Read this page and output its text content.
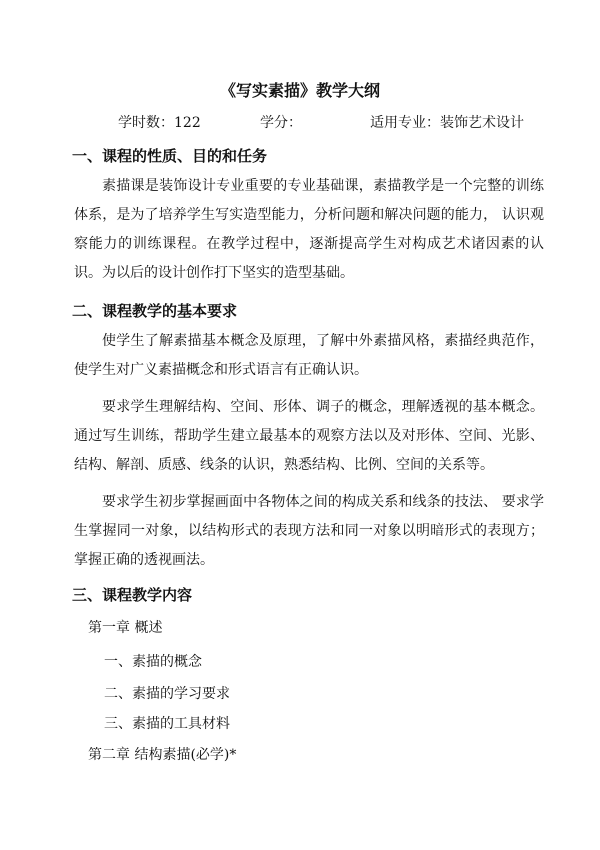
《写实素描》教学大纲
学时数：122	学分：	适用专业：装饰艺术设计
一、课程的性质、目的和任务
素描课是装饰设计专业重要的专业基础课，素描教学是一个完整的训练体系，是为了培养学生写实造型能力，分析问题和解决问题的能力， 认识观察能力的训练课程。在教学过程中，逐渐提高学生对构成艺术诸因素的认识。为以后的设计创作打下坚实的造型基础。
二、课程教学的基本要求
使学生了解素描基本概念及原理，了解中外素描风格，素描经典范作，使学生对广义素描概念和形式语言有正确认识。
要求学生理解结构、空间、形体、调子的概念，理解透视的基本概念。通过写生训练，帮助学生建立最基本的观察方法以及对形体、空间、光影、结构、解剖、质感、线条的认识，熟悉结构、比例、空间的关系等。
要求学生初步掌握画面中各物体之间的构成关系和线条的技法、 要求学生掌握同一对象，以结构形式的表现方法和同一对象以明暗形式的表现方；掌握正确的透视画法。
三、课程教学内容
第一章 概述
一、素描的概念
二、素描的学习要求
三、素描的工具材料
第二章 结构素描(必学)*
